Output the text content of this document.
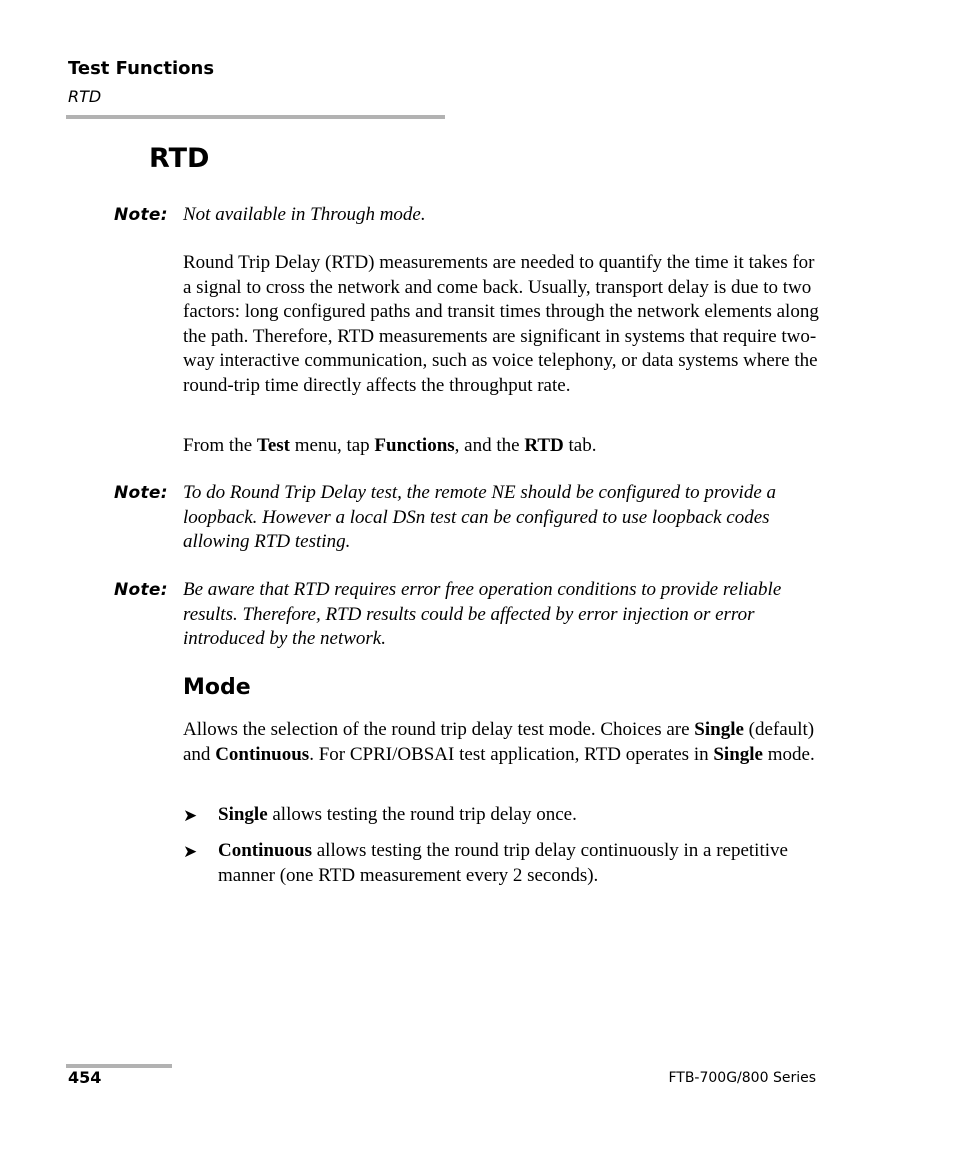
Test Functions
RTD
RTD
Note: Not available in Through mode.

Round Trip Delay (RTD) measurements are needed to quantify the time it takes for a signal to cross the network and come back. Usually, transport delay is due to two factors: long configured paths and transit times through the network elements along the path. Therefore, RTD measurements are significant in systems that require two-way interactive communication, such as voice telephony, or data systems where the round-trip time directly affects the throughput rate.

From the Test menu, tap Functions, and the RTD tab.

Note: To do Round Trip Delay test, the remote NE should be configured to provide a loopback. However a local DSn test can be configured to use loopback codes allowing RTD testing.
Note: Be aware that RTD requires error free operation conditions to provide reliable results. Therefore, RTD results could be affected by error injection or error introduced by the network.
Mode

Allows the selection of the round trip delay test mode. Choices are Single (default) and Continuous. For CPRI/OBSAI test application, RTD operates in Single mode.

➤ Single allows testing the round trip delay once.
➤ Continuous allows testing the round trip delay continuously in a repetitive manner (one RTD measurement every 2 seconds).
454	FTB-700G/800 Series
